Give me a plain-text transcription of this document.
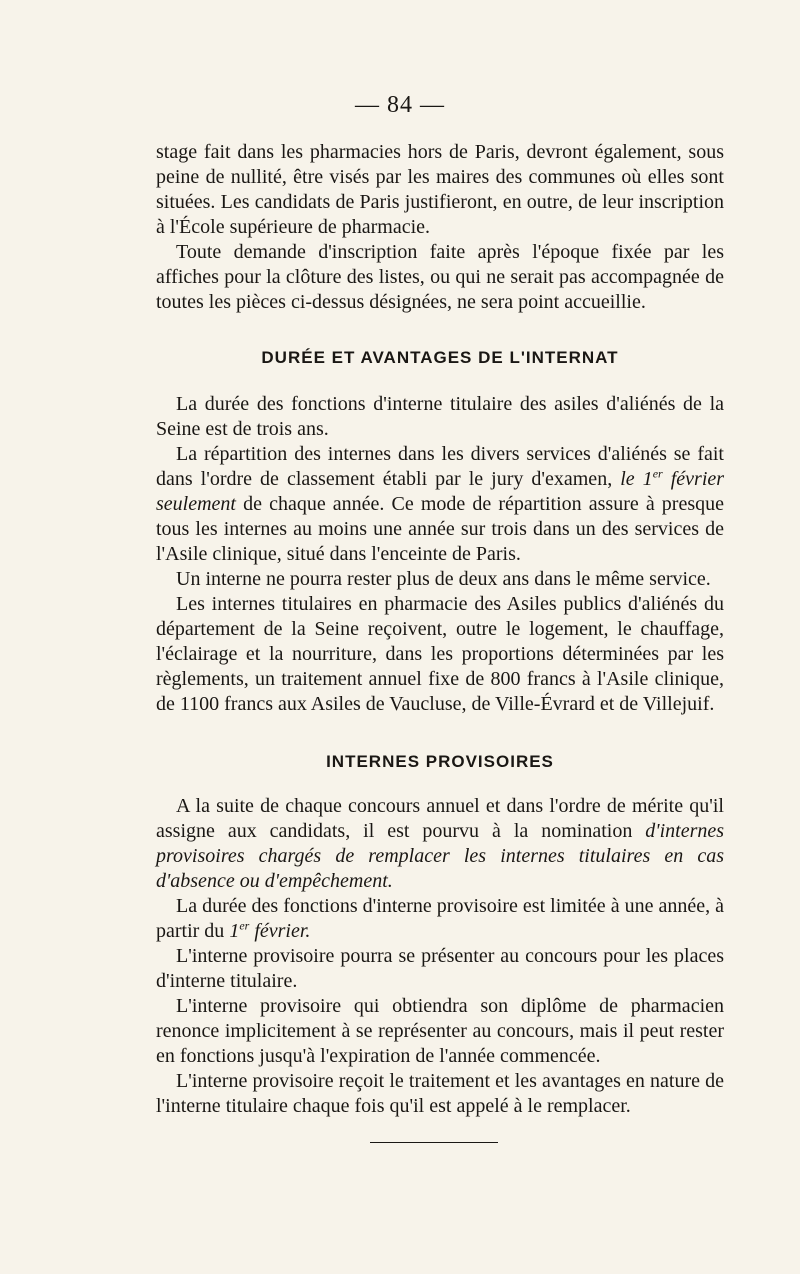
— 84 —

stage fait dans les pharmacies hors de Paris, devront également, sous peine de nullité, être visés par les maires des communes où elles sont situées. Les candidats de Paris justifieront, en outre, de leur inscription à l'École supérieure de pharmacie.

Toute demande d'inscription faite après l'époque fixée par les affiches pour la clôture des listes, ou qui ne serait pas accompagnée de toutes les pièces ci-dessus désignées, ne sera point accueillie.

DURÉE ET AVANTAGES DE L'INTERNAT

La durée des fonctions d'interne titulaire des asiles d'aliénés de la Seine est de trois ans.

La répartition des internes dans les divers services d'aliénés se fait dans l'ordre de classement établi par le jury d'examen, le 1er février seulement de chaque année. Ce mode de répartition assure à presque tous les internes au moins une année sur trois dans un des services de l'Asile clinique, situé dans l'enceinte de Paris.

Un interne ne pourra rester plus de deux ans dans le même service.

Les internes titulaires en pharmacie des Asiles publics d'aliénés du département de la Seine reçoivent, outre le logement, le chauffage, l'éclairage et la nourriture, dans les proportions déterminées par les règlements, un traitement annuel fixe de 800 francs à l'Asile clinique, de 1100 francs aux Asiles de Vaucluse, de Ville-Évrard et de Villejuif.

INTERNES PROVISOIRES

A la suite de chaque concours annuel et dans l'ordre de mérite qu'il assigne aux candidats, il est pourvu à la nomination d'internes provisoires chargés de remplacer les internes titulaires en cas d'absence ou d'empêchement.

La durée des fonctions d'interne provisoire est limitée à une année, à partir du 1er février.

L'interne provisoire pourra se présenter au concours pour les places d'interne titulaire.

L'interne provisoire qui obtiendra son diplôme de pharmacien renonce implicitement à se représenter au concours, mais il peut rester en fonctions jusqu'à l'expiration de l'année commencée.

L'interne provisoire reçoit le traitement et les avantages en nature de l'interne titulaire chaque fois qu'il est appelé à le remplacer.
